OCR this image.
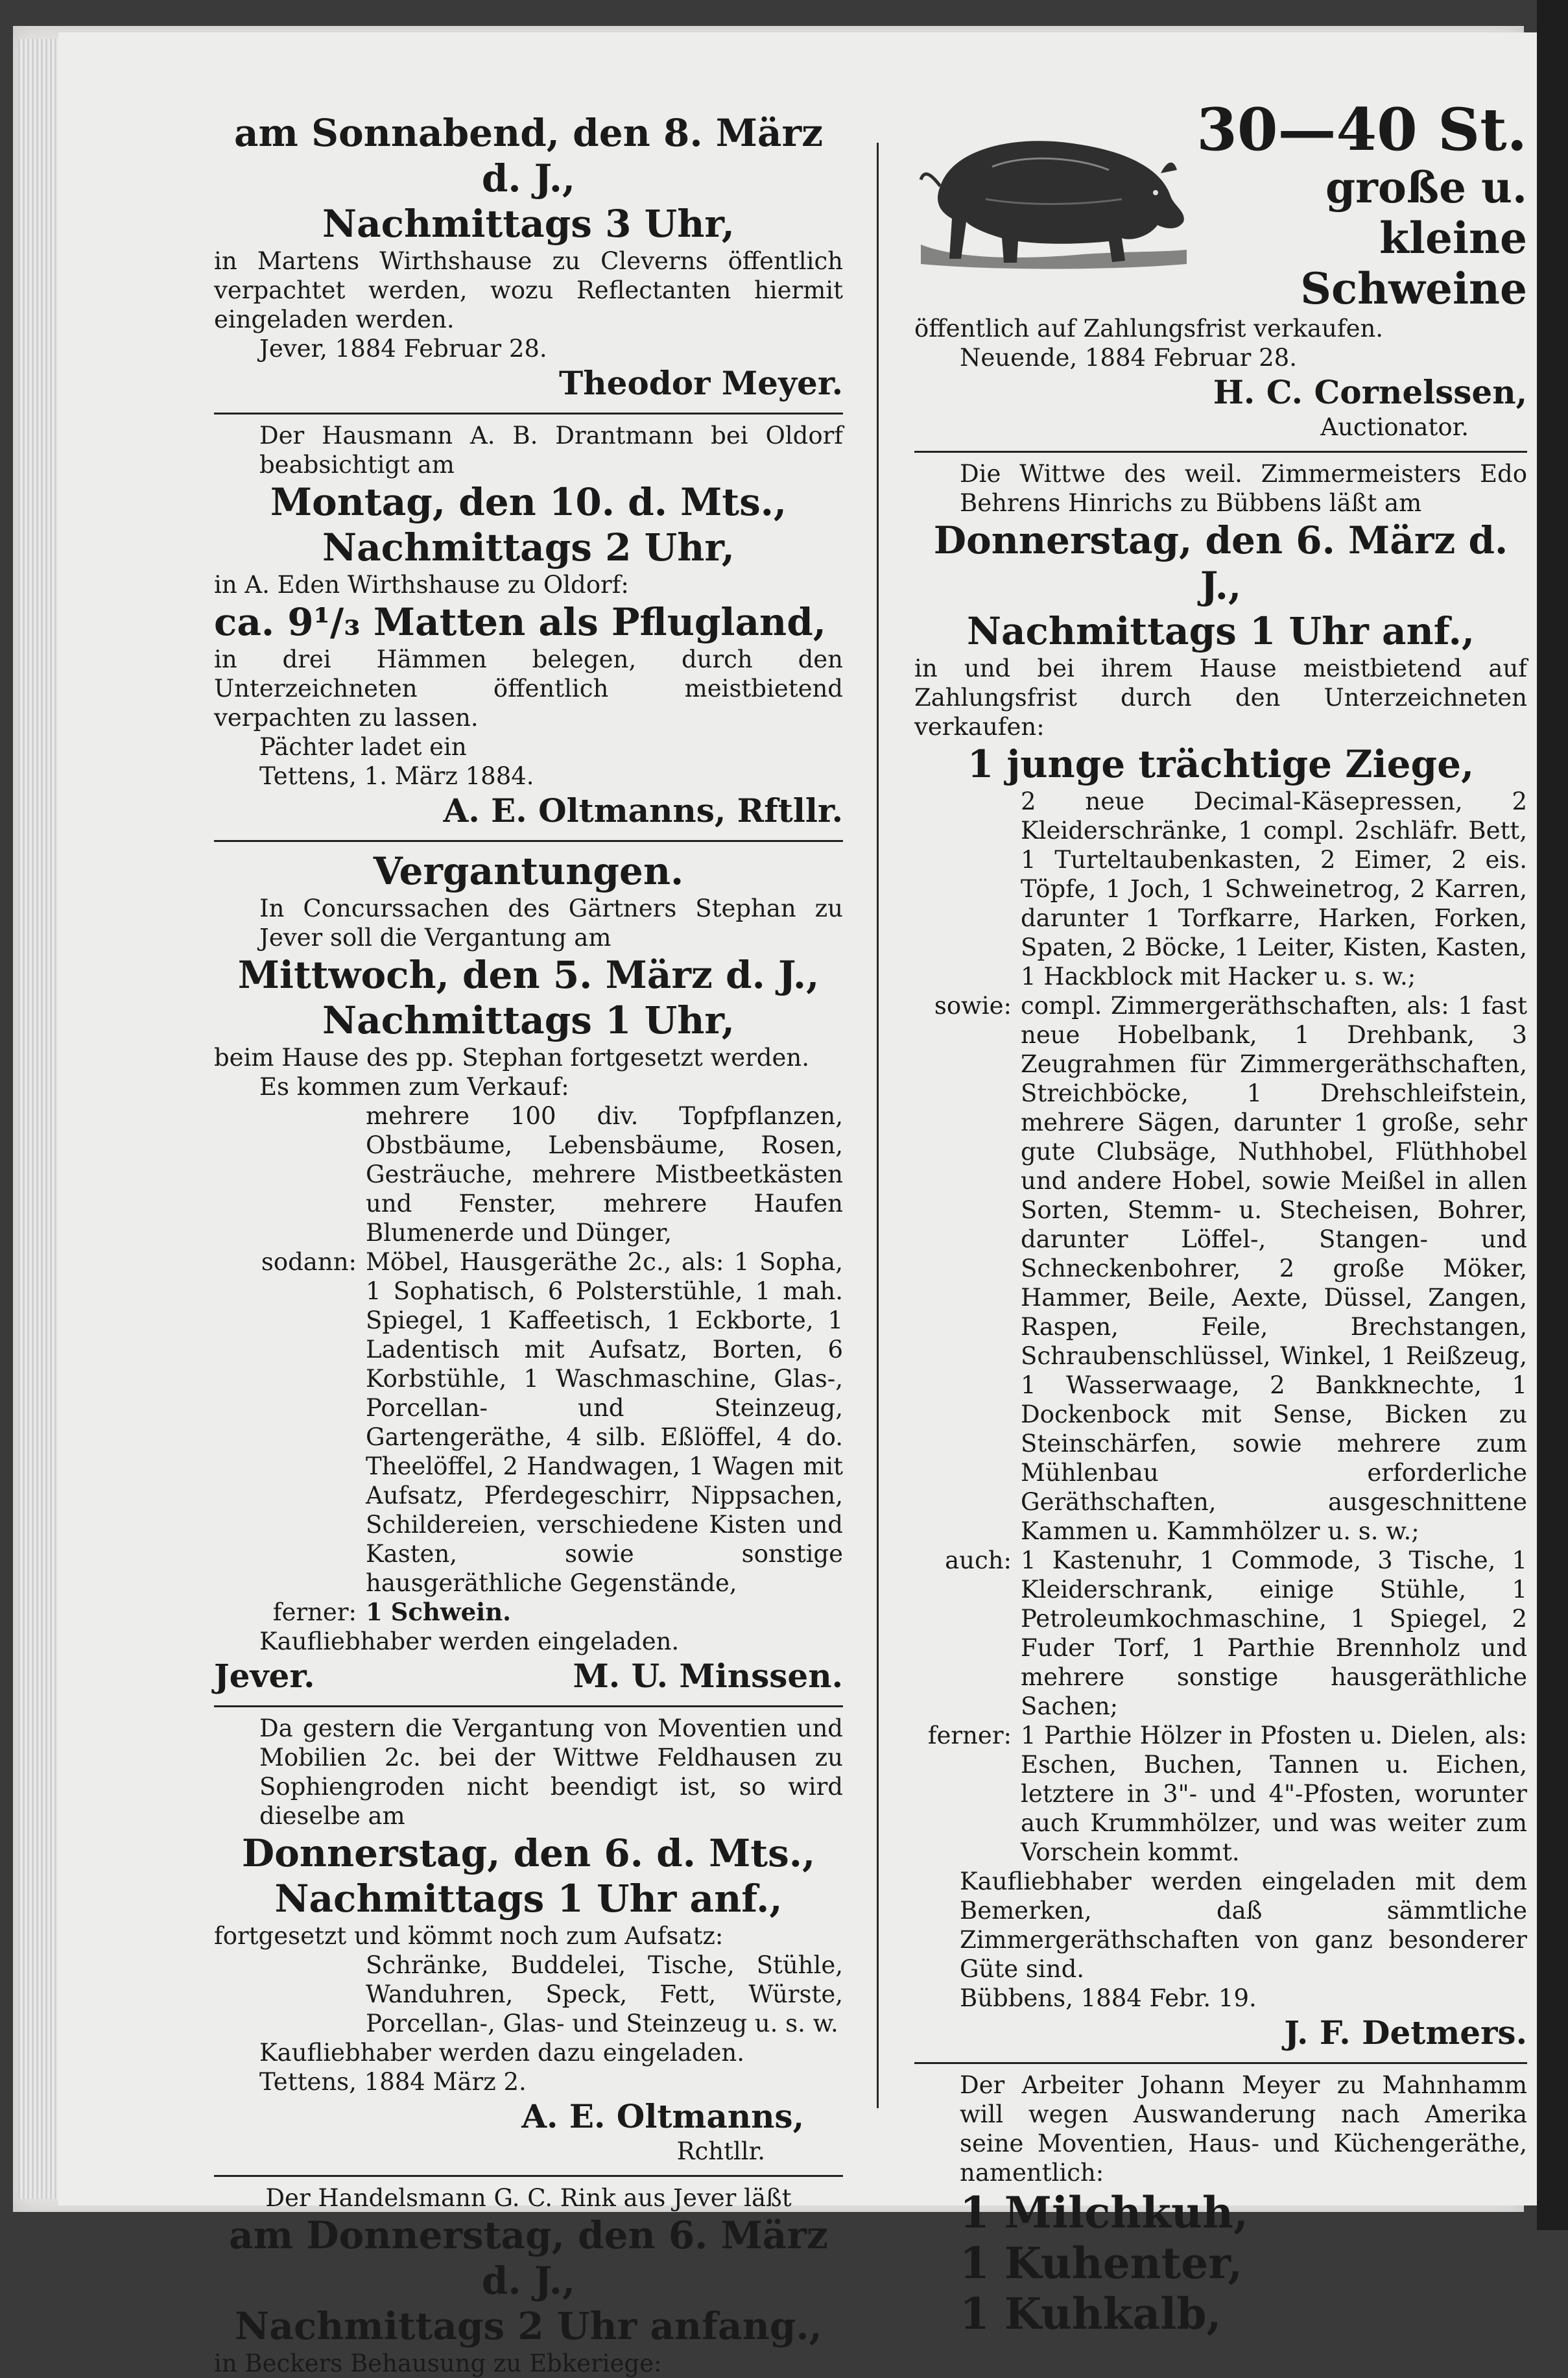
am Sonnabend, den 8. März d. J.,

Nachmittags 3 Uhr,

in Martens Wirthshause zu Cleverns öffentlich verpachtet werden, wozu Reflectanten hiermit eingeladen werden.

Jever, 1884 Februar 28.

Theodor Meyer.

Der Hausmann A. B. Drantmann bei Oldorf beabsichtigt am

Montag, den 10. d. Mts.,

Nachmittags 2 Uhr,

in A. Eden Wirthshause zu Oldorf:

ca. 9¹/₃ Matten als Pflugland,

in drei Hämmen belegen, durch den Unterzeichneten öffentlich meistbietend verpachten zu lassen.

Pächter ladet ein

Tettens, 1. März 1884.

A. E. Oltmanns, Rftllr.

Vergantungen.

In Concurssachen des Gärtners Stephan zu Jever soll die Vergantung am

Mittwoch, den 5. März d. J.,

Nachmittags 1 Uhr,

beim Hause des pp. Stephan fortgesetzt werden.

Es kommen zum Verkauf:

mehrere 100 div. Topfpflanzen, Obstbäume, Lebensbäume, Rosen, Gesträuche, mehrere Mistbeetkästen und Fenster, mehrere Haufen Blumenerde und Dünger,
sodann: Möbel, Hausgeräthe 2c., als: 1 Sopha, 1 Sophatisch, 6 Polsterstühle, 1 mah. Spiegel, 1 Kaffeetisch, 1 Eckborte, 1 Ladentisch mit Aufsatz, Borten, 6 Korbstühle, 1 Waschmaschine, Glas-, Porcellan- und Steinzeug, Gartengeräthe, 4 silb. Eßlöffel, 4 do. Theelöffel, 2 Handwagen, 1 Wagen mit Aufsatz, Pferdegeschirr, Nippsachen, Schildereien, verschiedene Kisten und Kasten, sowie sonstige hausgeräthliche Gegenstände,
ferner: 1 Schwein.

Kaufliebhaber werden eingeladen.

Jever.	M. U. Minssen.

Da gestern die Vergantung von Moventien und Mobilien 2c. bei der Wittwe Feldhausen zu Sophiengroden nicht beendigt ist, so wird dieselbe am

Donnerstag, den 6. d. Mts.,

Nachmittags 1 Uhr anf.,

fortgesetzt und kömmt noch zum Aufsatz:

Schränke, Buddelei, Tische, Stühle, Wanduhren, Speck, Fett, Würste, Porcellan-, Glas- und Steinzeug u. s. w.

Kaufliebhaber werden dazu eingeladen.

Tettens, 1884 März 2.

A. E. Oltmanns,

Rchtllr.

Der Handelsmann G. C. Rink aus Jever läßt

am Donnerstag, den 6. März d. J.,

Nachmittags 2 Uhr anfang.,

in Beckers Behausung zu Ebkeriege:

30—40 St.

große u. kleine

Schweine

öffentlich auf Zahlungsfrist verkaufen.

Neuende, 1884 Februar 28.

H. C. Cornelssen,

Auctionator.

Die Wittwe des weil. Zimmermeisters Edo Behrens Hinrichs zu Bübbens läßt am

Donnerstag, den 6. März d. J.,

Nachmittags 1 Uhr anf.,

in und bei ihrem Hause meistbietend auf Zahlungsfrist durch den Unterzeichneten verkaufen:

1 junge trächtige Ziege,

2 neue Decimal-Käsepressen, 2 Kleiderschränke, 1 compl. 2schläfr. Bett, 1 Turteltaubenkasten, 2 Eimer, 2 eis. Töpfe, 1 Joch, 1 Schweinetrog, 2 Karren, darunter 1 Torfkarre, Harken, Forken, Spaten, 2 Böcke, 1 Leiter, Kisten, Kasten, 1 Hackblock mit Hacker u. s. w.;
sowie: compl. Zimmergeräthschaften, als: 1 fast neue Hobelbank, 1 Drehbank, 3 Zeugrahmen für Zimmergeräthschaften, Streichböcke, 1 Drehschleifstein, mehrere Sägen, darunter 1 große, sehr gute Clubsäge, Nuthhobel, Flüthhobel und andere Hobel, sowie Meißel in allen Sorten, Stemm- u. Stecheisen, Bohrer, darunter Löffel-, Stangen- und Schneckenbohrer, 2 große Möker, Hammer, Beile, Aexte, Düssel, Zangen, Raspen, Feile, Brechstangen, Schraubenschlüssel, Winkel, 1 Reißzeug, 1 Wasserwaage, 2 Bankknechte, 1 Dockenbock mit Sense, Bicken zu Steinschärfen, sowie mehrere zum Mühlenbau erforderliche Geräthschaften, ausgeschnittene Kammen u. Kammhölzer u. s. w.;
auch: 1 Kastenuhr, 1 Commode, 3 Tische, 1 Kleiderschrank, einige Stühle, 1 Petroleumkochmaschine, 1 Spiegel, 2 Fuder Torf, 1 Parthie Brennholz und mehrere sonstige hausgeräthliche Sachen;
ferner: 1 Parthie Hölzer in Pfosten u. Dielen, als: Eschen, Buchen, Tannen u. Eichen, letztere in 3"- und 4"-Pfosten, worunter auch Krummhölzer, und was weiter zum Vorschein kommt.

Kaufliebhaber werden eingeladen mit dem Bemerken, daß sämmtliche Zimmergeräthschaften von ganz besonderer Güte sind.

Bübbens, 1884 Febr. 19.

J. F. Detmers.

Der Arbeiter Johann Meyer zu Mahnhamm will wegen Auswanderung nach Amerika seine Moventien, Haus- und Küchengeräthe, namentlich:

1 Milchkuh,

1 Kuhenter,

1 Kuhkalb,
